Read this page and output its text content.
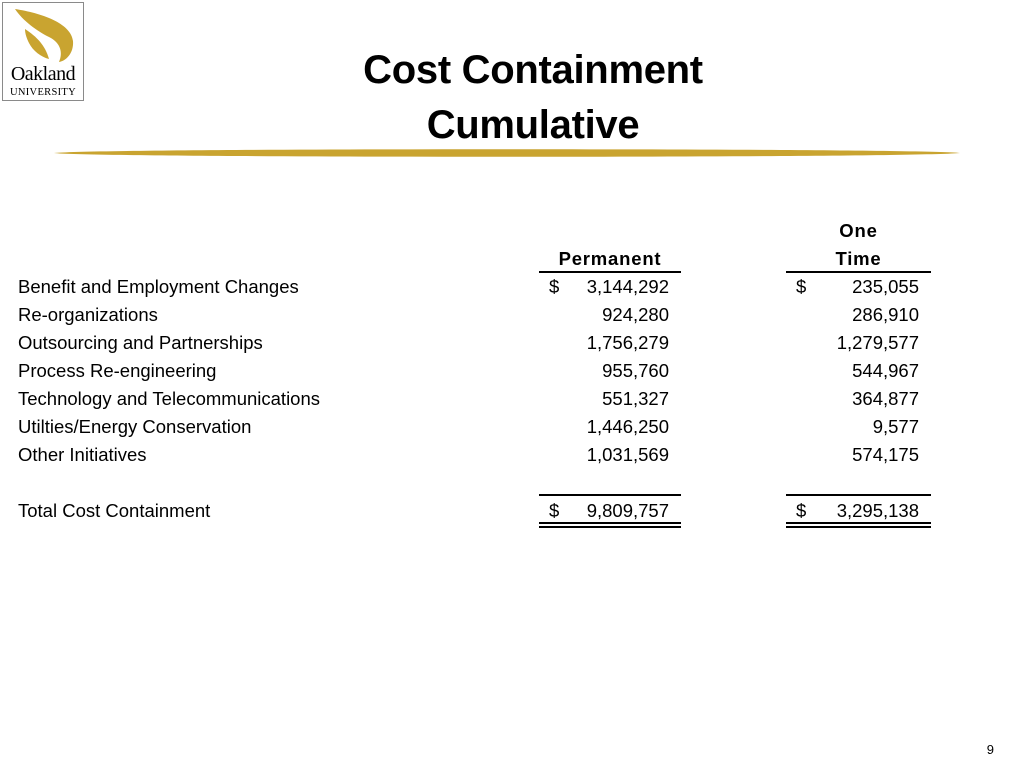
Oakland
UNIVERSITY
Cost Containment
Cumulative
Permanent
One
Time
Benefit and Employment Changes	$ 3,144,292	$ 235,055
Re-organizations	924,280	286,910
Outsourcing and Partnerships	1,756,279	1,279,577
Process Re-engineering	955,760	544,967
Technology and Telecommunications	551,327	364,877
Utilties/Energy Conservation	1,446,250	9,577
Other Initiatives	1,031,569	574,175
Total Cost Containment	$ 9,809,757	$ 3,295,138
9
